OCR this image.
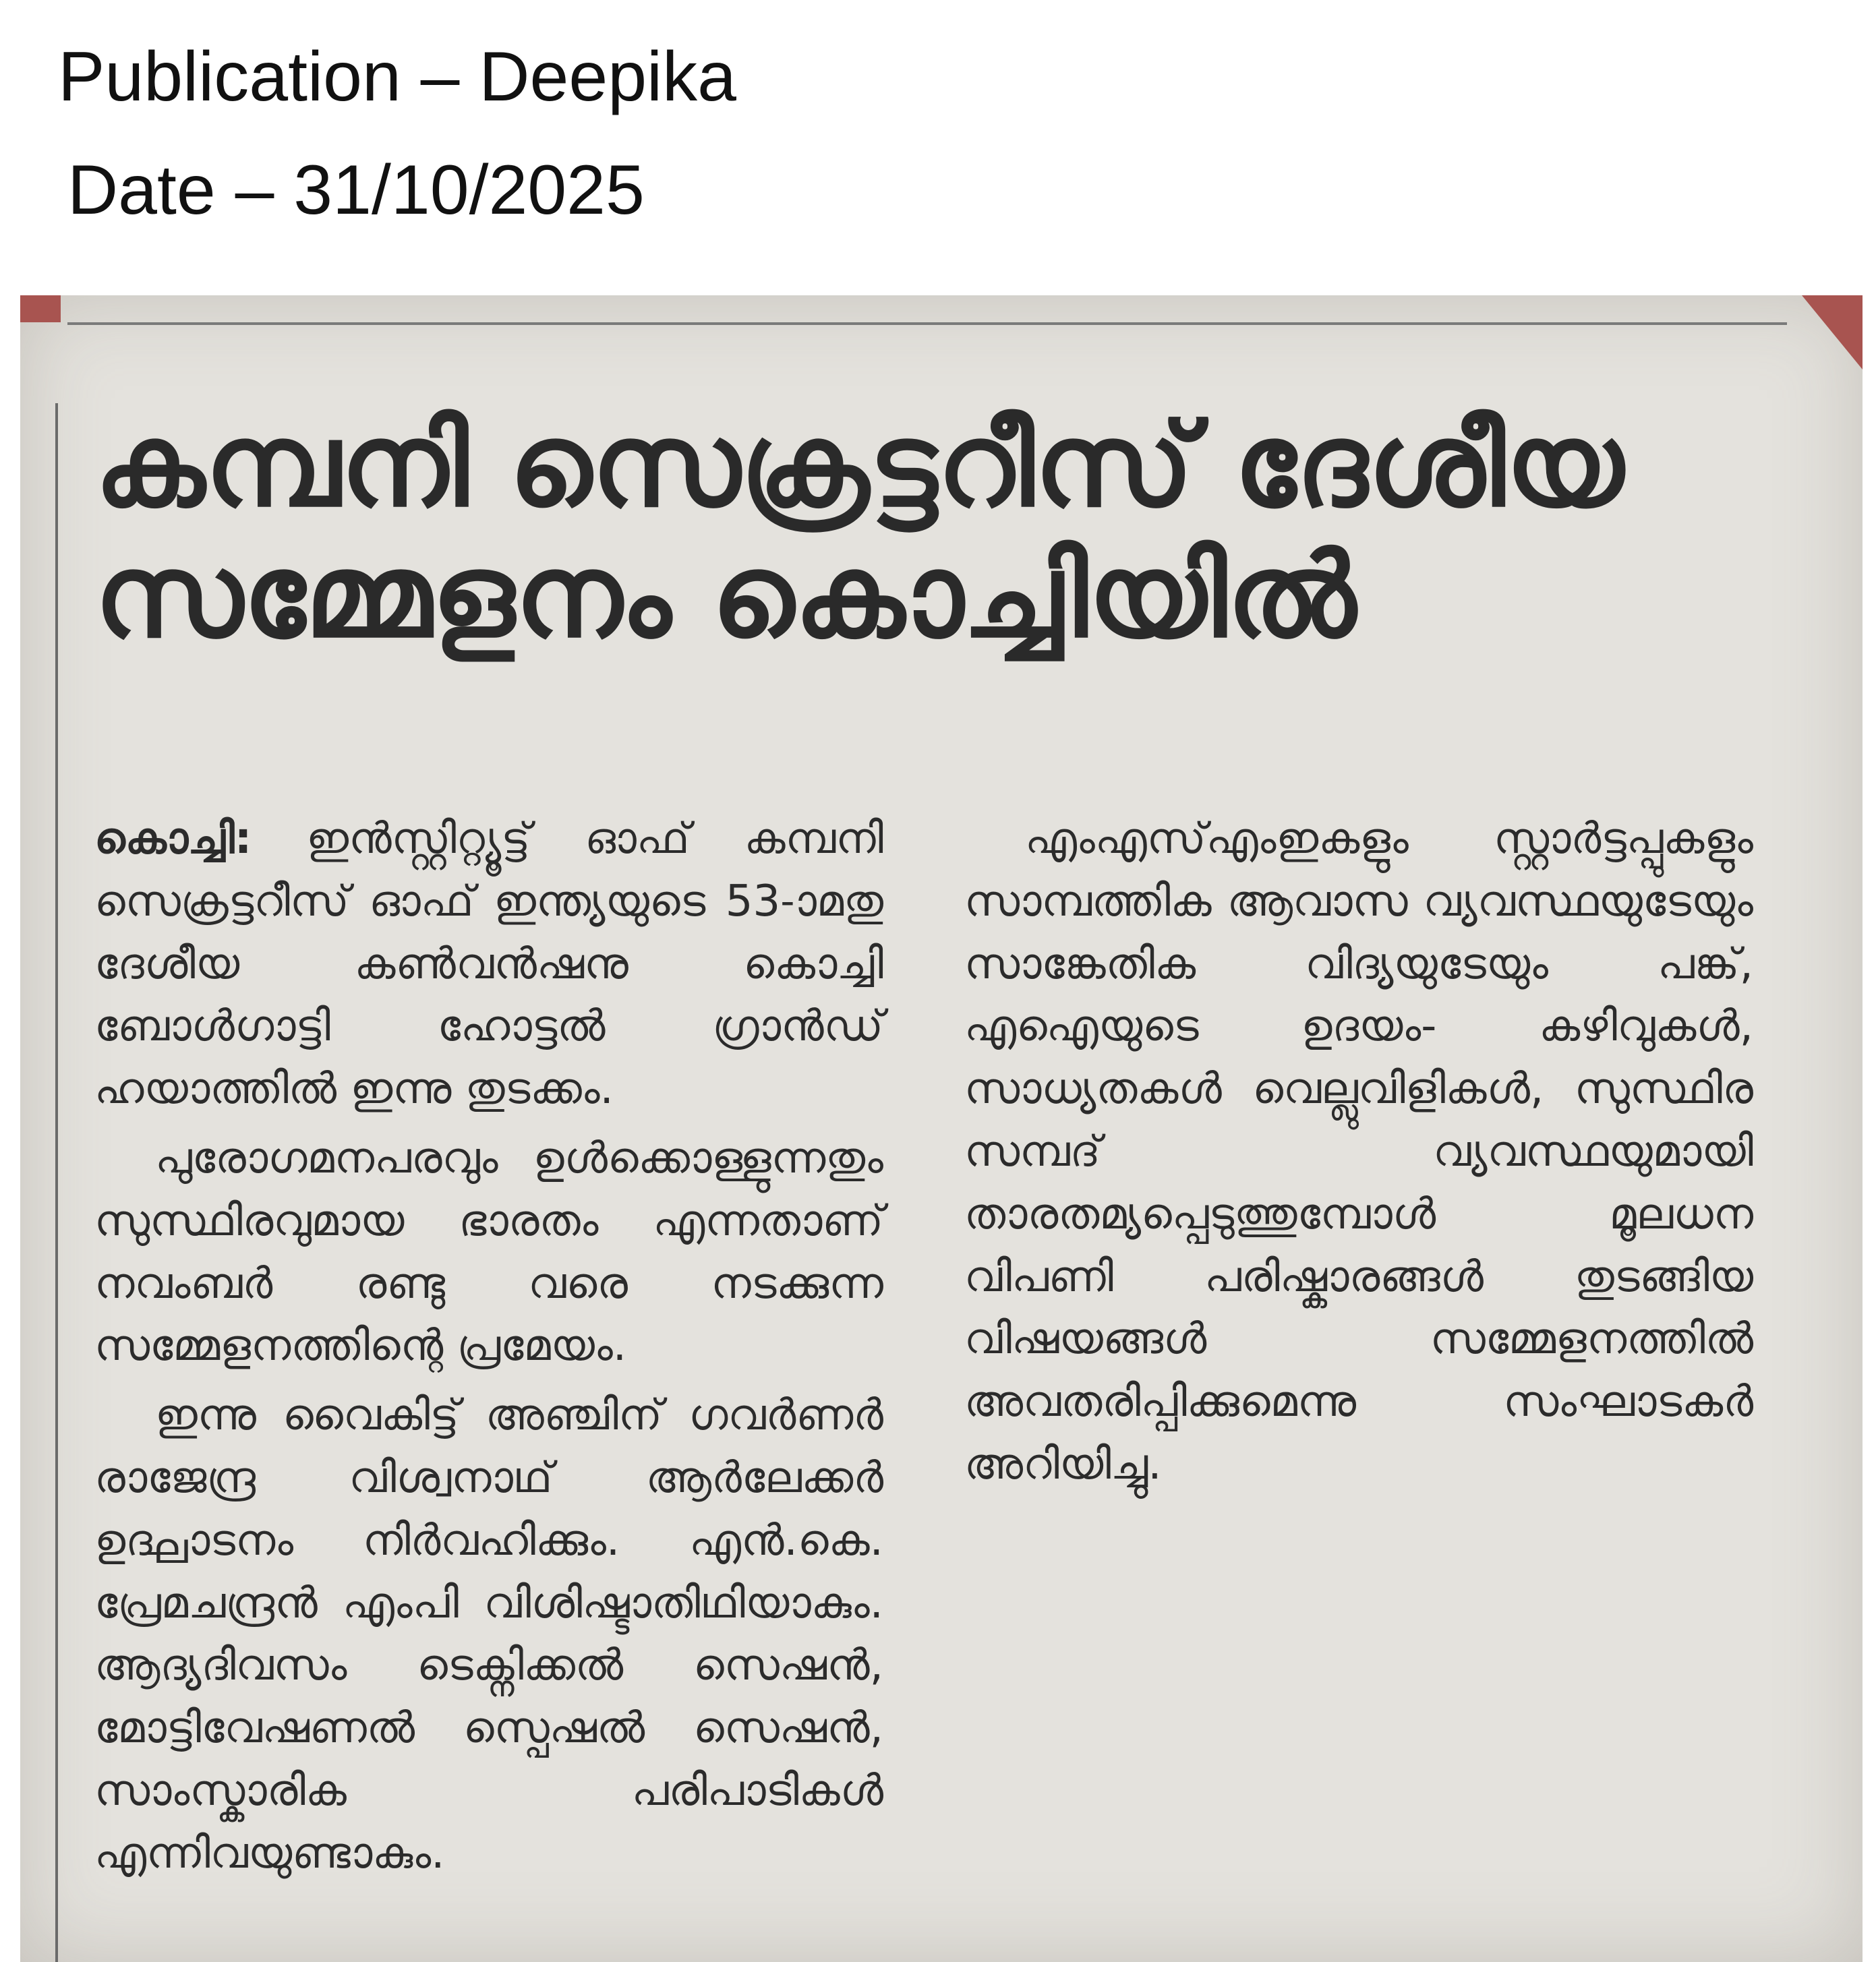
Publication – Deepika

Date – 31/10/2025

കമ്പനി സെക്രട്ടറീസ് ദേശീയ സമ്മേളനം കൊച്ചിയിൽ

കൊച്ചി: ഇൻസ്റ്റിറ്റ്യൂട്ട് ഓഫ് കമ്പനി സെക്രട്ടറീസ് ഓഫ് ഇന്ത്യയുടെ 53-ാമതു ദേശീയ കൺവൻഷനു കൊച്ചി ബോൾഗാട്ടി ഹോട്ടൽ ഗ്രാൻഡ് ഹയാത്തിൽ ഇന്നു തുടക്കം.

പുരോഗമനപരവും ഉൾക്കൊള്ളുന്നതും സുസ്ഥിരവുമായ ഭാരതം എന്നതാണ് നവംബർ രണ്ടു വരെ നടക്കുന്ന സമ്മേളനത്തിന്റെ പ്രമേയം.

ഇന്നു വൈകിട്ട് അഞ്ചിന് ഗവർണർ രാജേന്ദ്ര വിശ്വനാഥ് ആർലേക്കർ ഉദ്ഘാടനം നിർവഹിക്കും. എൻ.കെ. പ്രേമചന്ദ്രൻ എംപി വിശിഷ്ടാതിഥിയാകും. ആദ്യദിവസം ടെക്നിക്കൽ സെഷൻ, മോട്ടിവേഷണൽ സ്പെഷൽ സെഷൻ, സാംസ്കാരിക പരിപാടികൾ എന്നിവയുണ്ടാകും.

എംഎസ്എംഇകളും സ്റ്റാർട്ടപ്പുകളും സാമ്പത്തിക ആവാസ വ്യവസ്ഥയുടേയും സാങ്കേതിക വിദ്യയുടേയും പങ്ക്, എഐയുടെ ഉദയം- കഴിവുകൾ, സാധ്യതകൾ വെല്ലുവിളികൾ, സുസ്ഥിര സമ്പദ് വ്യവസ്ഥയുമായി താരതമ്യപ്പെടുത്തുമ്പോൾ മൂലധന വിപണി പരിഷ്കാരങ്ങൾ തുടങ്ങിയ വിഷയങ്ങൾ സമ്മേളനത്തിൽ അവതരിപ്പിക്കുമെന്നു സംഘാടകർ അറിയിച്ചു.
